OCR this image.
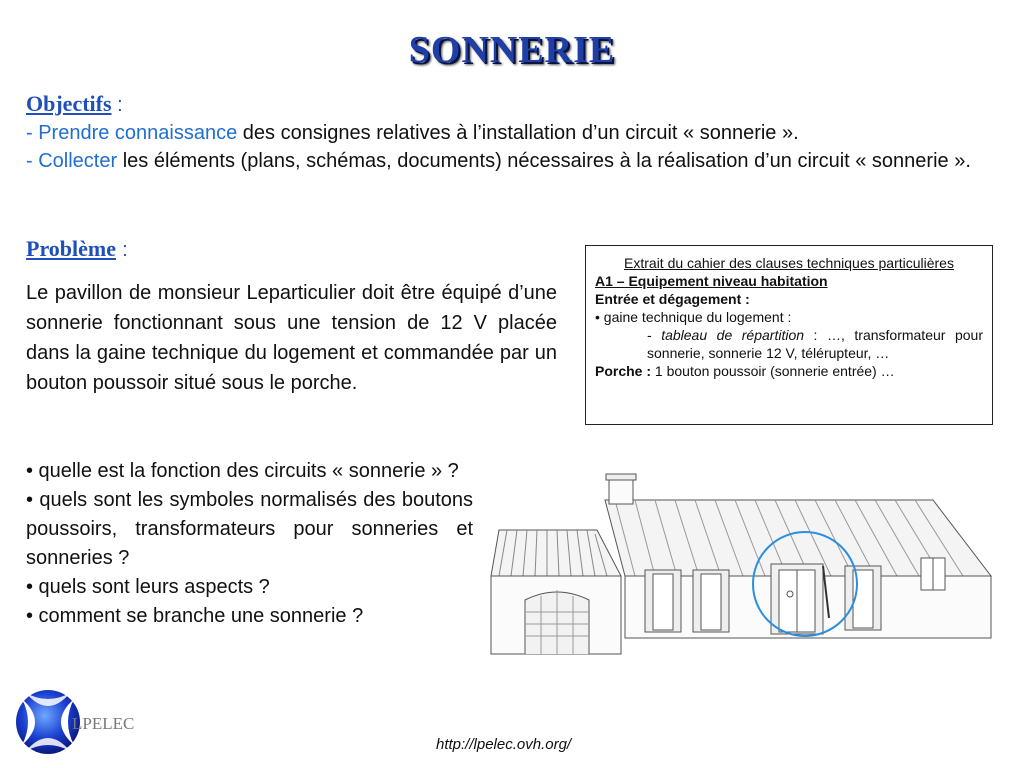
SONNERIE
Objectifs :
- Prendre connaissance des consignes relatives à l’installation d’un circuit « sonnerie ».
- Collecter les éléments (plans, schémas, documents) nécessaires à la réalisation d’un circuit « sonnerie ».
Problème :
Le pavillon de monsieur Leparticulier doit être équipé d’une sonnerie fonctionnant sous une tension de 12 V placée dans la gaine technique du logement et commandée par un bouton poussoir situé sous le porche.

• quelle est la fonction des circuits « sonnerie » ?

• quels sont les symboles normalisés des boutons poussoirs, transformateurs pour sonneries et sonneries ?

• quels sont leurs aspects ?

• comment se branche une sonnerie ?

Extrait du cahier des clauses techniques particulières
A1 – Equipement niveau habitation
Entrée et dégagement :
• gaine technique du logement :
- tableau de répartition : …, transformateur pour sonnerie, sonnerie 12 V, télérupteur, …
Porche : 1 bouton poussoir (sonnerie entrée) …
LPELEC
http://lpelec.ovh.org/
